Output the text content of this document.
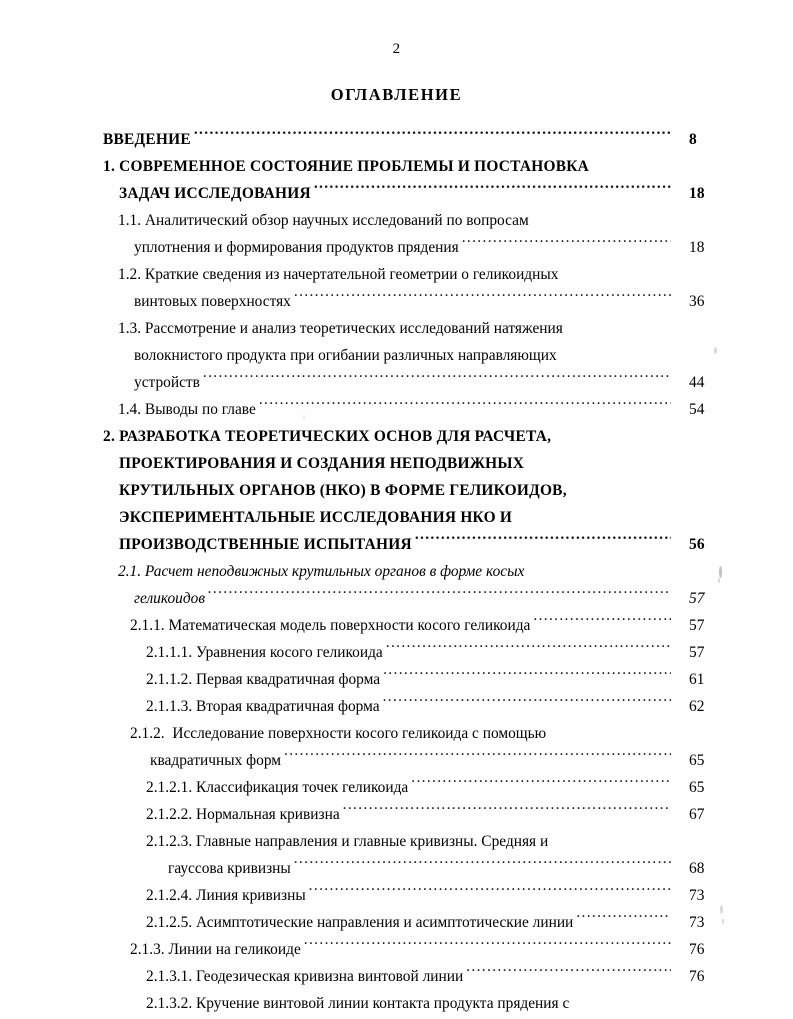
2
ОГЛАВЛЕНИЕ
ВВЕДЕНИЕ .....	8
1. СОВРЕМЕННОЕ СОСТОЯНИЕ ПРОБЛЕМЫ И ПОСТАНОВКА
ЗАДАЧ ИССЛЕДОВАНИЯ .....	18
1.1. Аналитический обзор научных исследований по вопросам
уплотнения и формирования продуктов прядения .....	18
1.2. Краткие сведения из начертательной геометрии о геликоидных
винтовых поверхностях .....	36
1.3. Рассмотрение и анализ теоретических исследований натяжения
волокнистого продукта при огибании различных направляющих
устройств .....	44
1.4. Выводы по главе .....	54
2. РАЗРАБОТКА ТЕОРЕТИЧЕСКИХ ОСНОВ ДЛЯ РАСЧЕТА,
ПРОЕКТИРОВАНИЯ И СОЗДАНИЯ НЕПОДВИЖНЫХ
КРУТИЛЬНЫХ ОРГАНОВ (НКО) В ФОРМЕ ГЕЛИКОИДОВ,
ЭКСПЕРИМЕНТАЛЬНЫЕ ИССЛЕДОВАНИЯ НКО И
ПРОИЗВОДСТВЕННЫЕ ИСПЫТАНИЯ .....	56
2.1. Расчет неподвижных крутильных органов в форме косых
геликоидов .....	57
2.1.1. Математическая модель поверхности косого геликоида .....	57
2.1.1.1. Уравнения косого геликоида .....	57
2.1.1.2. Первая квадратичная форма .....	61
2.1.1.3. Вторая квадратичная форма .....	62
2.1.2.  Исследование поверхности косого геликоида с помощью
квадратичных форм .....	65
2.1.2.1. Классификация точек геликоида .....	65
2.1.2.2. Нормальная кривизна .....	67
2.1.2.3. Главные направления и главные кривизны. Средняя и
гауссова кривизны .....	68
2.1.2.4. Линия кривизны .....	73
2.1.2.5. Асимптотические направления и асимптотические линии .....	73
2.1.3. Линии на геликоиде .....	76
2.1.3.1. Геодезическая кривизна винтовой линии .....	76
2.1.3.2. Кручение винтовой линии контакта продукта прядения с
